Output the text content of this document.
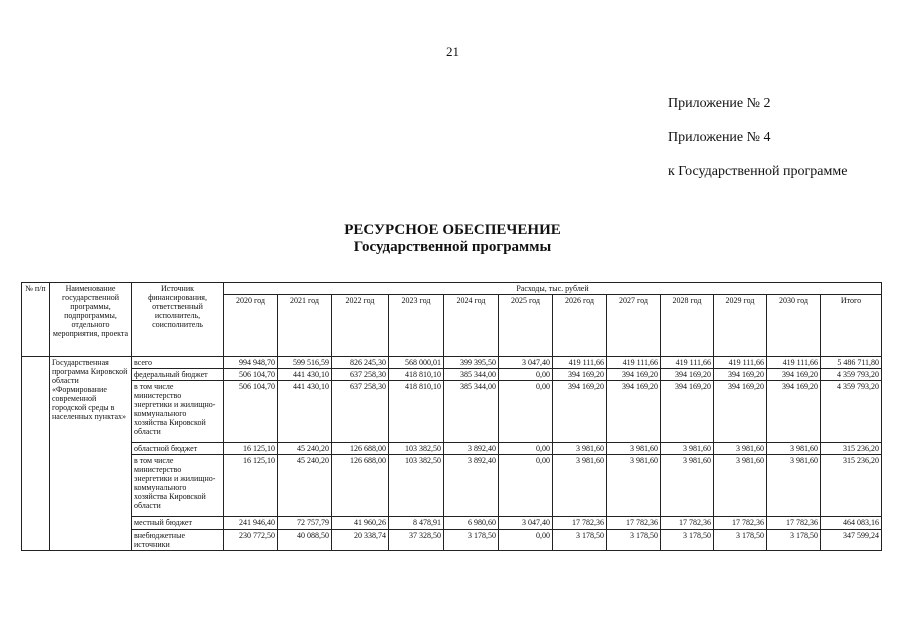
21
Приложение № 2
Приложение № 4
к Государственной программе
РЕСУРСНОЕ ОБЕСПЕЧЕНИЕ
Государственной программы
№ п/п	Наименование государственной программы, подпрограммы, отдельного мероприятия, проекта	Источник финансирования, ответственный исполнитель, соисполнитель	Расходы, тыс. рублей											
			2020 год	2021 год	2022 год	2023 год	2024 год	2025 год	2026 год	2027 год	2028 год	2029 год	2030 год	Итого
	Государственная программа Кировской области «Формирование современной городской среды в населенных пунктах»	всего	994 948,70	599 516,59	826 245,30	568 000,01	399 395,50	3 047,40	419 111,66	419 111,66	419 111,66	419 111,66	419 111,66	5 486 711,80
		федеральный бюджет	506 104,70	441 430,10	637 258,30	418 810,10	385 344,00	0,00	394 169,20	394 169,20	394 169,20	394 169,20	394 169,20	4 359 793,20
		в том числе министерство энергетики и жилищно-коммунального хозяйства Кировской области	506 104,70	441 430,10	637 258,30	418 810,10	385 344,00	0,00	394 169,20	394 169,20	394 169,20	394 169,20	394 169,20	4 359 793,20
		областной бюджет	16 125,10	45 240,20	126 688,00	103 382,50	3 892,40	0,00	3 981,60	3 981,60	3 981,60	3 981,60	3 981,60	315 236,20
		в том числе министерство энергетики и жилищно-коммунального хозяйства Кировской области	16 125,10	45 240,20	126 688,00	103 382,50	3 892,40	0,00	3 981,60	3 981,60	3 981,60	3 981,60	3 981,60	315 236,20
		местный бюджет	241 946,40	72 757,79	41 960,26	8 478,91	6 980,60	3 047,40	17 782,36	17 782,36	17 782,36	17 782,36	17 782,36	464 083,16
		внебюджетные источники	230 772,50	40 088,50	20 338,74	37 328,50	3 178,50	0,00	3 178,50	3 178,50	3 178,50	3 178,50	3 178,50	347 599,24
